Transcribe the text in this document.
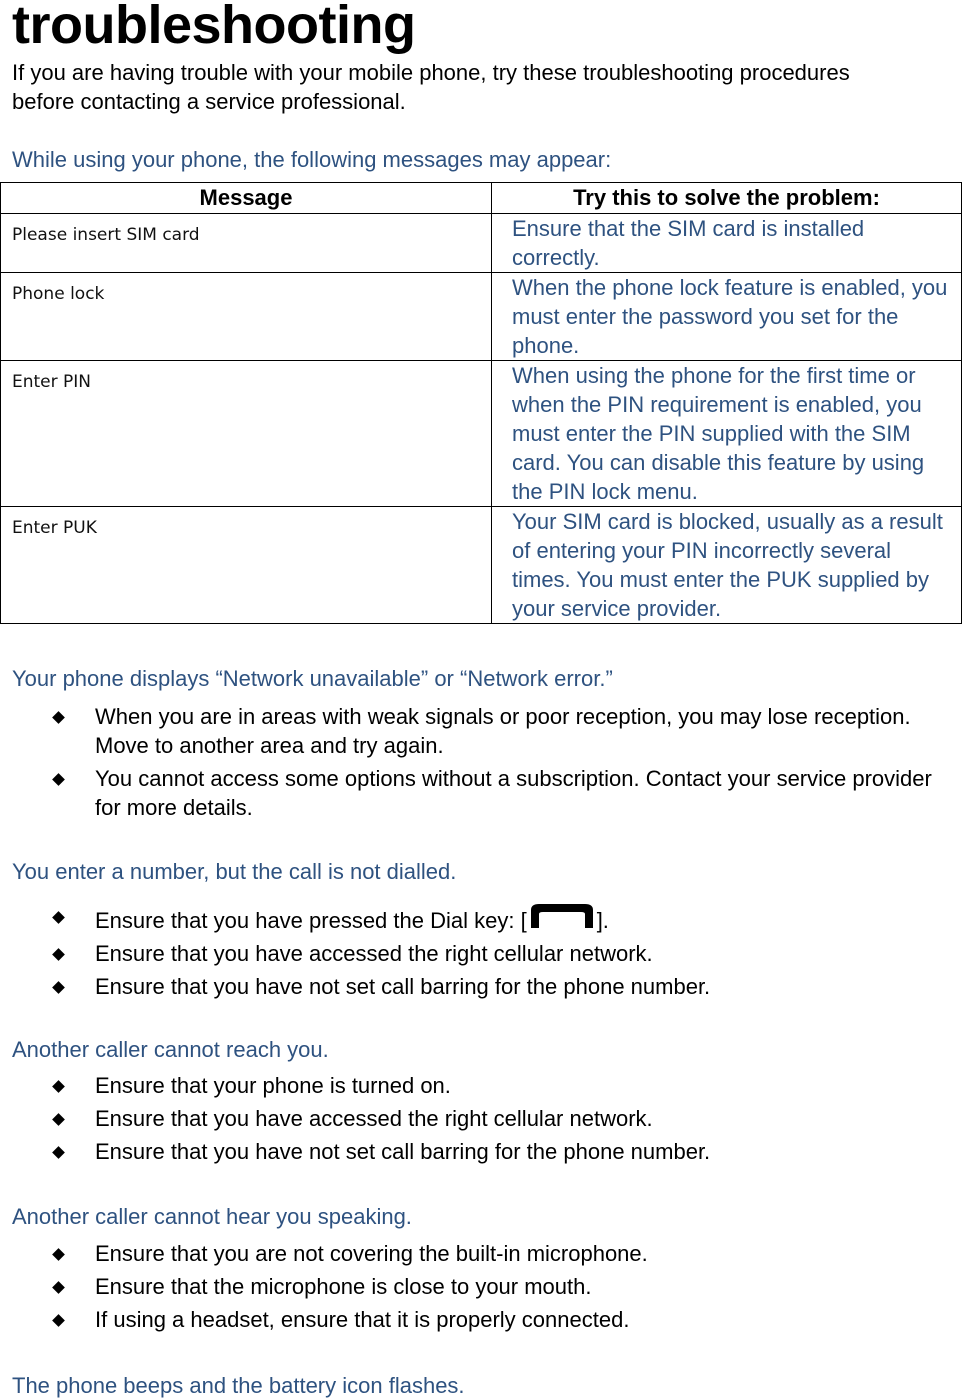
troubleshooting
If you are having trouble with your mobile phone, try these troubleshooting procedures before contacting a service professional.
While using your phone, the following messages may appear:
Message	Try this to solve the problem:
Please insert SIM card	Ensure that the SIM card is installed correctly.
Phone lock	When the phone lock feature is enabled, you must enter the password you set for the phone.
Enter PIN	When using the phone for the first time or when the PIN requirement is enabled, you must enter the PIN supplied with the SIM card. You can disable this feature by using the PIN lock menu.
Enter PUK	Your SIM card is blocked, usually as a result of entering your PIN incorrectly several times. You must enter the PUK supplied by your service provider.
Your phone displays “Network unavailable” or “Network error.”
When you are in areas with weak signals or poor reception, you may lose reception. Move to another area and try again.
You cannot access some options without a subscription. Contact your service provider for more details.
You enter a number, but the call is not dialled.
Ensure that you have pressed the Dial key: [	].
Ensure that you have accessed the right cellular network.
Ensure that you have not set call barring for the phone number.
Another caller cannot reach you.
Ensure that your phone is turned on.
Ensure that you have accessed the right cellular network.
Ensure that you have not set call barring for the phone number.
Another caller cannot hear you speaking.
Ensure that you are not covering the built-in microphone.
Ensure that the microphone is close to your mouth.
If using a headset, ensure that it is properly connected.
The phone beeps and the battery icon flashes.
